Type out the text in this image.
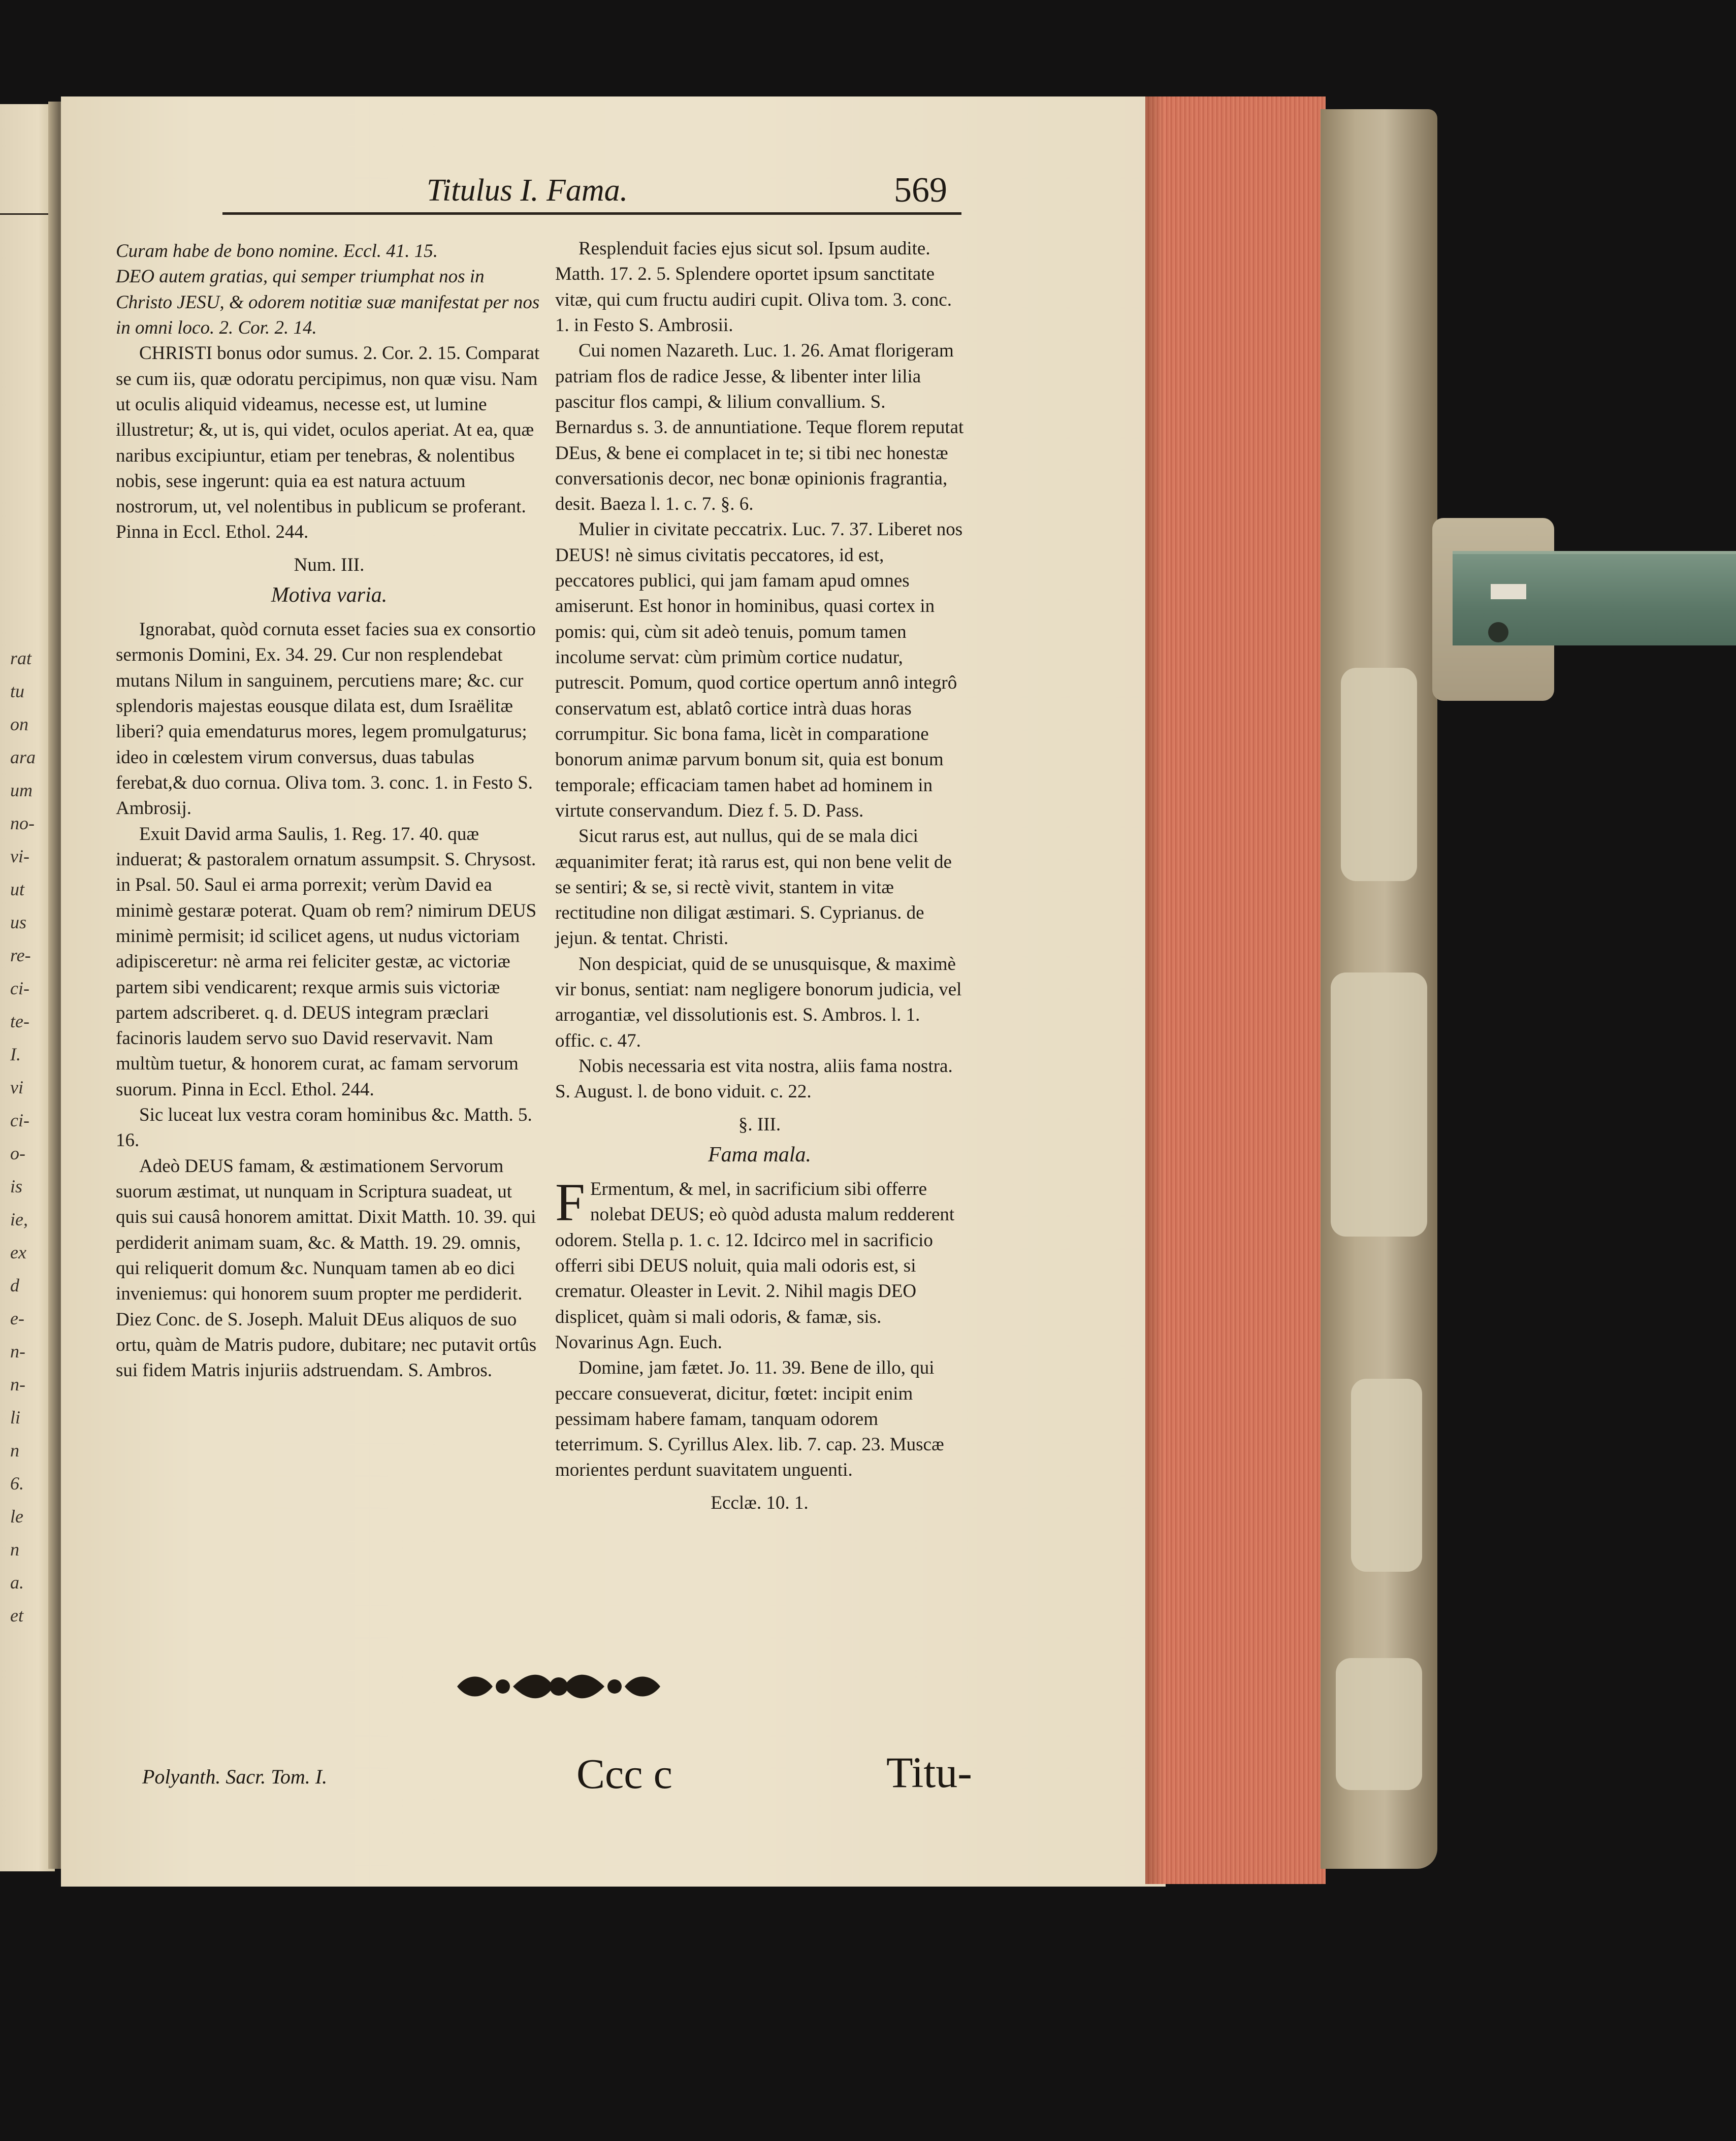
rat
tu
on
ara
um
no-
vi-
ut
us
re-
ci-
te-
I.
vi
ci-
o-
is
ie,
ex
d
e-
n-
n-
li
n
6.
le
n
a.
et
Titulus I. Fama.	569

Curam habe de bono nomine. Eccl. 41. 15.

DEO autem gratias, qui semper triumphat nos in Christo JESU, & odorem notitiæ suæ manifestat per nos in omni loco. 2. Cor. 2. 14.

CHRISTI bonus odor sumus. 2. Cor. 2. 15. Comparat se cum iis, quæ odoratu percipimus, non quæ visu. Nam ut oculis aliquid videamus, necesse est, ut lumine illustretur; &, ut is, qui videt, oculos aperiat. At ea, quæ naribus excipiuntur, etiam per tenebras, & nolentibus nobis, sese ingerunt: quia ea est natura actuum nostrorum, ut, vel nolentibus in publicum se proferant. Pinna in Eccl. Ethol. 244.

Num. III.

Motiva varia.

Ignorabat, quòd cornuta esset facies sua ex consortio sermonis Domini, Ex. 34. 29. Cur non resplendebat mutans Nilum in sanguinem, percutiens mare; &c. cur splendoris majestas eousque dilata est, dum Israëlitæ liberi? quia emendaturus mores, legem promulgaturus; ideo in cœlestem virum conversus, duas tabulas ferebat,& duo cornua. Oliva tom. 3. conc. 1. in Festo S. Ambrosij.

Exuit David arma Saulis, 1. Reg. 17. 40. quæ induerat; & pastoralem ornatum assumpsit. S. Chrysost. in Psal. 50. Saul ei arma porrexit; verùm David ea minimè gestaræ poterat. Quam ob rem? nimirum DEUS minimè permisit; id scilicet agens, ut nudus victoriam adipisceretur: nè arma rei feliciter gestæ, ac victoriæ partem sibi vendicarent; rexque armis suis victoriæ partem adscriberet. q. d. DEUS integram præclari facinoris laudem servo suo David reservavit. Nam multùm tuetur, & honorem curat, ac famam servorum suorum. Pinna in Eccl. Ethol. 244.

Sic luceat lux vestra coram hominibus &c. Matth. 5. 16.

Adeò DEUS famam, & æstimationem Servorum suorum æstimat, ut nunquam in Scriptura suadeat, ut quis sui causâ honorem amittat. Dixit Matth. 10. 39. qui perdiderit animam suam, &c. & Matth. 19. 29. omnis, qui reliquerit domum &c. Nunquam tamen ab eo dici inveniemus: qui honorem suum propter me perdiderit. Diez Conc. de S. Joseph. Maluit DEus aliquos de suo ortu, quàm de Matris pudore, dubitare; nec putavit ortûs sui fidem Matris injuriis adstruendam. S. Ambros.

Resplenduit facies ejus sicut sol. Ipsum audite. Matth. 17. 2. 5. Splendere oportet ipsum sanctitate vitæ, qui cum fructu audiri cupit. Oliva tom. 3. conc. 1. in Festo S. Ambrosii.

Cui nomen Nazareth. Luc. 1. 26. Amat florigeram patriam flos de radice Jesse, & libenter inter lilia pascitur flos campi, & lilium convallium. S. Bernardus s. 3. de annuntiatione. Teque florem reputat DEus, & bene ei complacet in te; si tibi nec honestæ conversationis decor, nec bonæ opinionis fragrantia, desit. Baeza l. 1. c. 7. §. 6.

Mulier in civitate peccatrix. Luc. 7. 37. Liberet nos DEUS! nè simus civitatis peccatores, id est, peccatores publici, qui jam famam apud omnes amiserunt. Est honor in hominibus, quasi cortex in pomis: qui, cùm sit adeò tenuis, pomum tamen incolume servat: cùm primùm cortice nudatur, putrescit. Pomum, quod cortice opertum annô integrô conservatum est, ablatô cortice intrà duas horas corrumpitur. Sic bona fama, licèt in comparatione bonorum animæ parvum bonum sit, quia est bonum temporale; efficaciam tamen habet ad hominem in virtute conservandum. Diez f. 5. D. Pass.

Sicut rarus est, aut nullus, qui de se mala dici æquanimiter ferat; ità rarus est, qui non bene velit de se sentiri; & se, si rectè vivit, stantem in vitæ rectitudine non diligat æstimari. S. Cyprianus. de jejun. & tentat. Christi.

Non despiciat, quid de se unusquisque, & maximè vir bonus, sentiat: nam negligere bonorum judicia, vel arrogantiæ, vel dissolutionis est. S. Ambros. l. 1. offic. c. 47.

Nobis necessaria est vita nostra, aliis fama nostra. S. August. l. de bono viduit. c. 22.

§. III.

Fama mala.

F Ermentum, & mel, in sacrificium sibi offerre nolebat DEUS; eò quòd adusta malum redderent odorem. Stella p. 1. c. 12. Idcirco mel in sacrificio offerri sibi DEUS noluit, quia mali odoris est, si crematur. Oleaster in Levit. 2. Nihil magis DEO displicet, quàm si mali odoris, & famæ, sis. Novarinus Agn. Euch.

Domine, jam fætet. Jo. 11. 39. Bene de illo, qui peccare consueverat, dicitur, fœtet: incipit enim pessimam habere famam, tanquam odorem teterrimum. S. Cyrillus Alex. lib. 7. cap. 23. Muscæ morientes perdunt suavitatem unguenti.

Ecclæ. 10. 1.

Polyanth. Sacr. Tom. I.	Ccc c	Titu-
